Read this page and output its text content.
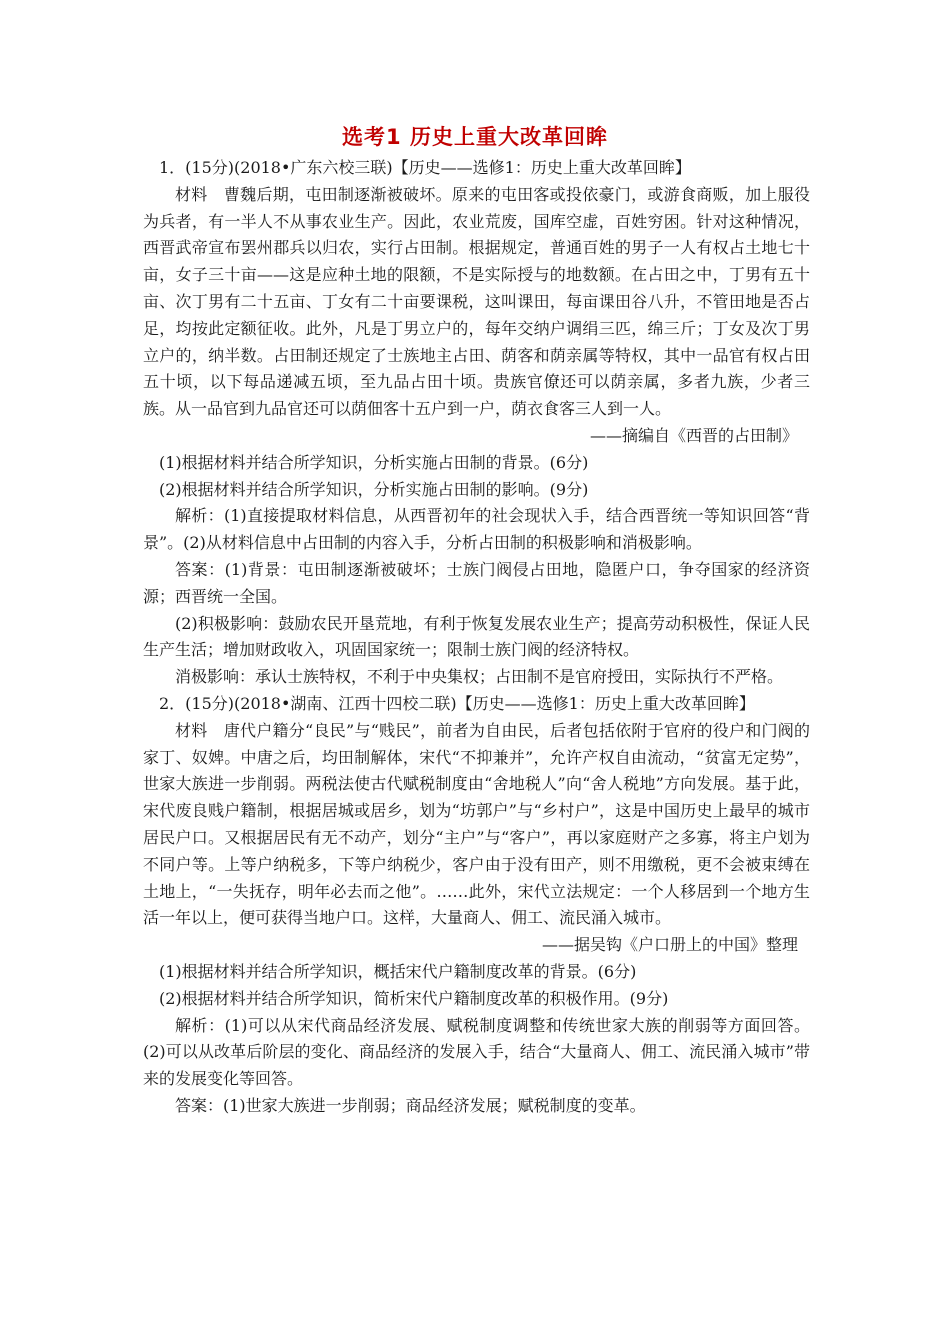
选考1 历史上重大改革回眸

1．(15分)(2018•广东六校三联)【历史——选修1：历史上重大改革回眸】

材料　曹魏后期，屯田制逐渐被破坏。原来的屯田客或投依豪门，或游食商贩，加上服役为兵者，有一半人不从事农业生产。因此，农业荒废，国库空虚，百姓穷困。针对这种情况，西晋武帝宣布罢州郡兵以归农，实行占田制。根据规定，普通百姓的男子一人有权占土地七十亩，女子三十亩——这是应种土地的限额，不是实际授与的地数额。在占田之中，丁男有五十亩、次丁男有二十五亩、丁女有二十亩要课税，这叫课田，每亩课田谷八升，不管田地是否占足，均按此定额征收。此外，凡是丁男立户的，每年交纳户调绢三匹，绵三斤；丁女及次丁男立户的，纳半数。占田制还规定了士族地主占田、荫客和荫亲属等特权，其中一品官有权占田五十顷，以下每品递减五顷，至九品占田十顷。贵族官僚还可以荫亲属，多者九族，少者三族。从一品官到九品官还可以荫佃客十五户到一户，荫衣食客三人到一人。

——摘编自《西晋的占田制》

(1)根据材料并结合所学知识，分析实施占田制的背景。(6分)

(2)根据材料并结合所学知识，分析实施占田制的影响。(9分)

解析：(1)直接提取材料信息，从西晋初年的社会现状入手，结合西晋统一等知识回答“背景”。(2)从材料信息中占田制的内容入手，分析占田制的积极影响和消极影响。

答案：(1)背景：屯田制逐渐被破坏；士族门阀侵占田地，隐匿户口，争夺国家的经济资源；西晋统一全国。

(2)积极影响：鼓励农民开垦荒地，有利于恢复发展农业生产；提高劳动积极性，保证人民生产生活；增加财政收入，巩固国家统一；限制士族门阀的经济特权。

消极影响：承认士族特权，不利于中央集权；占田制不是官府授田，实际执行不严格。

2．(15分)(2018•湖南、江西十四校二联)【历史——选修1：历史上重大改革回眸】

材料　唐代户籍分“良民”与“贱民”，前者为自由民，后者包括依附于官府的役户和门阀的家丁、奴婢。中唐之后，均田制解体，宋代“不抑兼并”，允许产权自由流动，“贫富无定势”，世家大族进一步削弱。两税法使古代赋税制度由“舍地税人”向“舍人税地”方向发展。基于此，宋代废良贱户籍制，根据居城或居乡，划为“坊郭户”与“乡村户”，这是中国历史上最早的城市居民户口。又根据居民有无不动产，划分“主户”与“客户”，再以家庭财产之多寡，将主户划为不同户等。上等户纳税多，下等户纳税少，客户由于没有田产，则不用缴税，更不会被束缚在土地上，“一失抚存，明年必去而之他”。……此外，宋代立法规定：一个人移居到一个地方生活一年以上，便可获得当地户口。这样，大量商人、佣工、流民涌入城市。

——据吴钩《户口册上的中国》整理

(1)根据材料并结合所学知识，概括宋代户籍制度改革的背景。(6分)

(2)根据材料并结合所学知识，简析宋代户籍制度改革的积极作用。(9分)

解析：(1)可以从宋代商品经济发展、赋税制度调整和传统世家大族的削弱等方面回答。(2)可以从改革后阶层的变化、商品经济的发展入手，结合“大量商人、佣工、流民涌入城市”带来的发展变化等回答。

答案：(1)世家大族进一步削弱；商品经济发展；赋税制度的变革。
